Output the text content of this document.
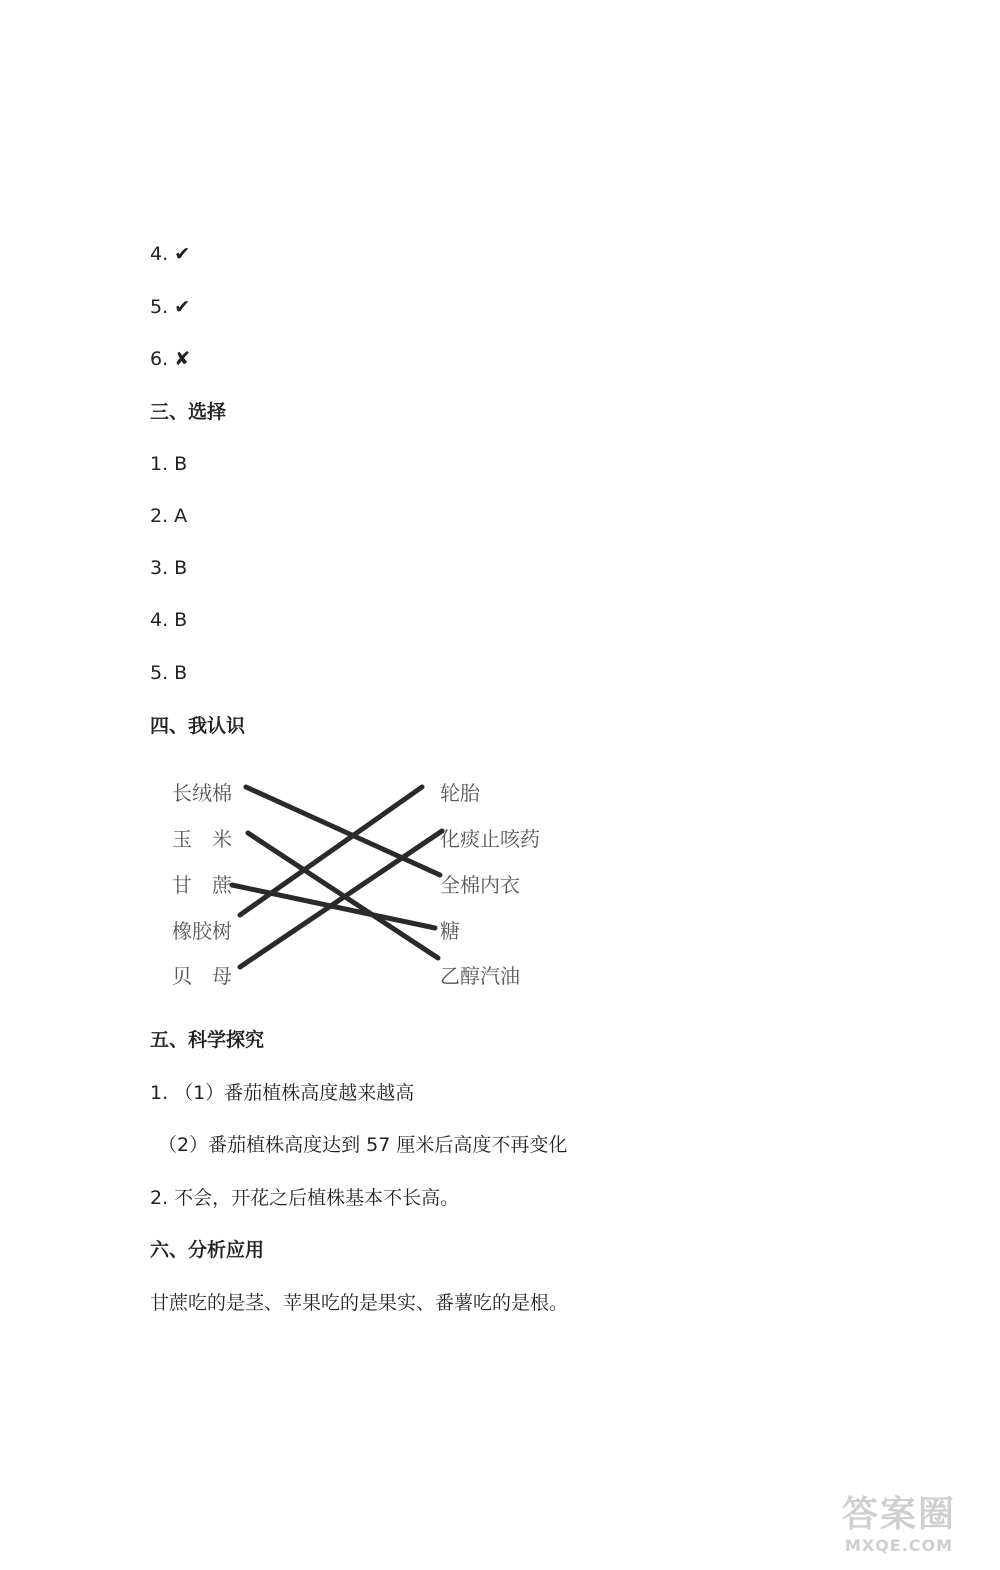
4. ✔
5. ✔
6. ✘
三、选择
1. B
2. A
3. B
4. B
5. B
四、我认识
长绒棉
玉　米
甘　蔗
橡胶树
贝　母
轮胎
化痰止咳药
全棉内衣
糖
乙醇汽油
五、科学探究
1. （1）番茄植株高度越来越高
（2）番茄植株高度达到 57 厘米后高度不再变化
2. 不会，开花之后植株基本不长高。
六、分析应用
甘蔗吃的是茎、苹果吃的是果实、番薯吃的是根。
答案圈
MXQE.COM
